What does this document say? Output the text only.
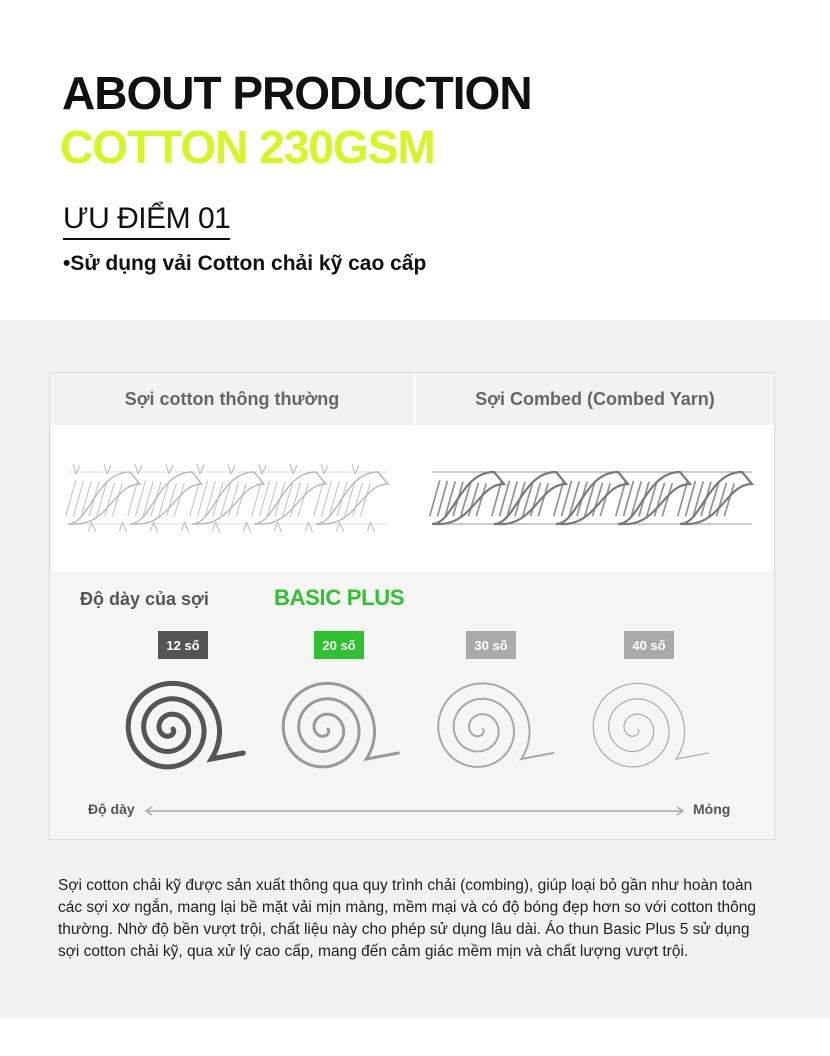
ABOUT PRODUCTION
COTTON 230GSM
ƯU ĐIỂM 01
•Sử dụng vải Cotton chải kỹ cao cấp
Sợi cotton thông thường	Sợi Combed (Combed Yarn)
Độ dày của sợi	BASIC PLUS
12 số	20 số	30 số	40 số
Độ dày	Mỏng
Sợi cotton chải kỹ được sản xuất thông qua quy trình chải (combing), giúp loại bỏ gần như hoàn toàn các sợi xơ ngắn, mang lại bề mặt vải mịn màng, mềm mại và có độ bóng đẹp hơn so với cotton thông thường. Nhờ độ bền vượt trội, chất liệu này cho phép sử dụng lâu dài. Áo thun Basic Plus 5 sử dụng sợi cotton chải kỹ, qua xử lý cao cấp, mang đến cảm giác mềm mịn và chất lượng vượt trội.
